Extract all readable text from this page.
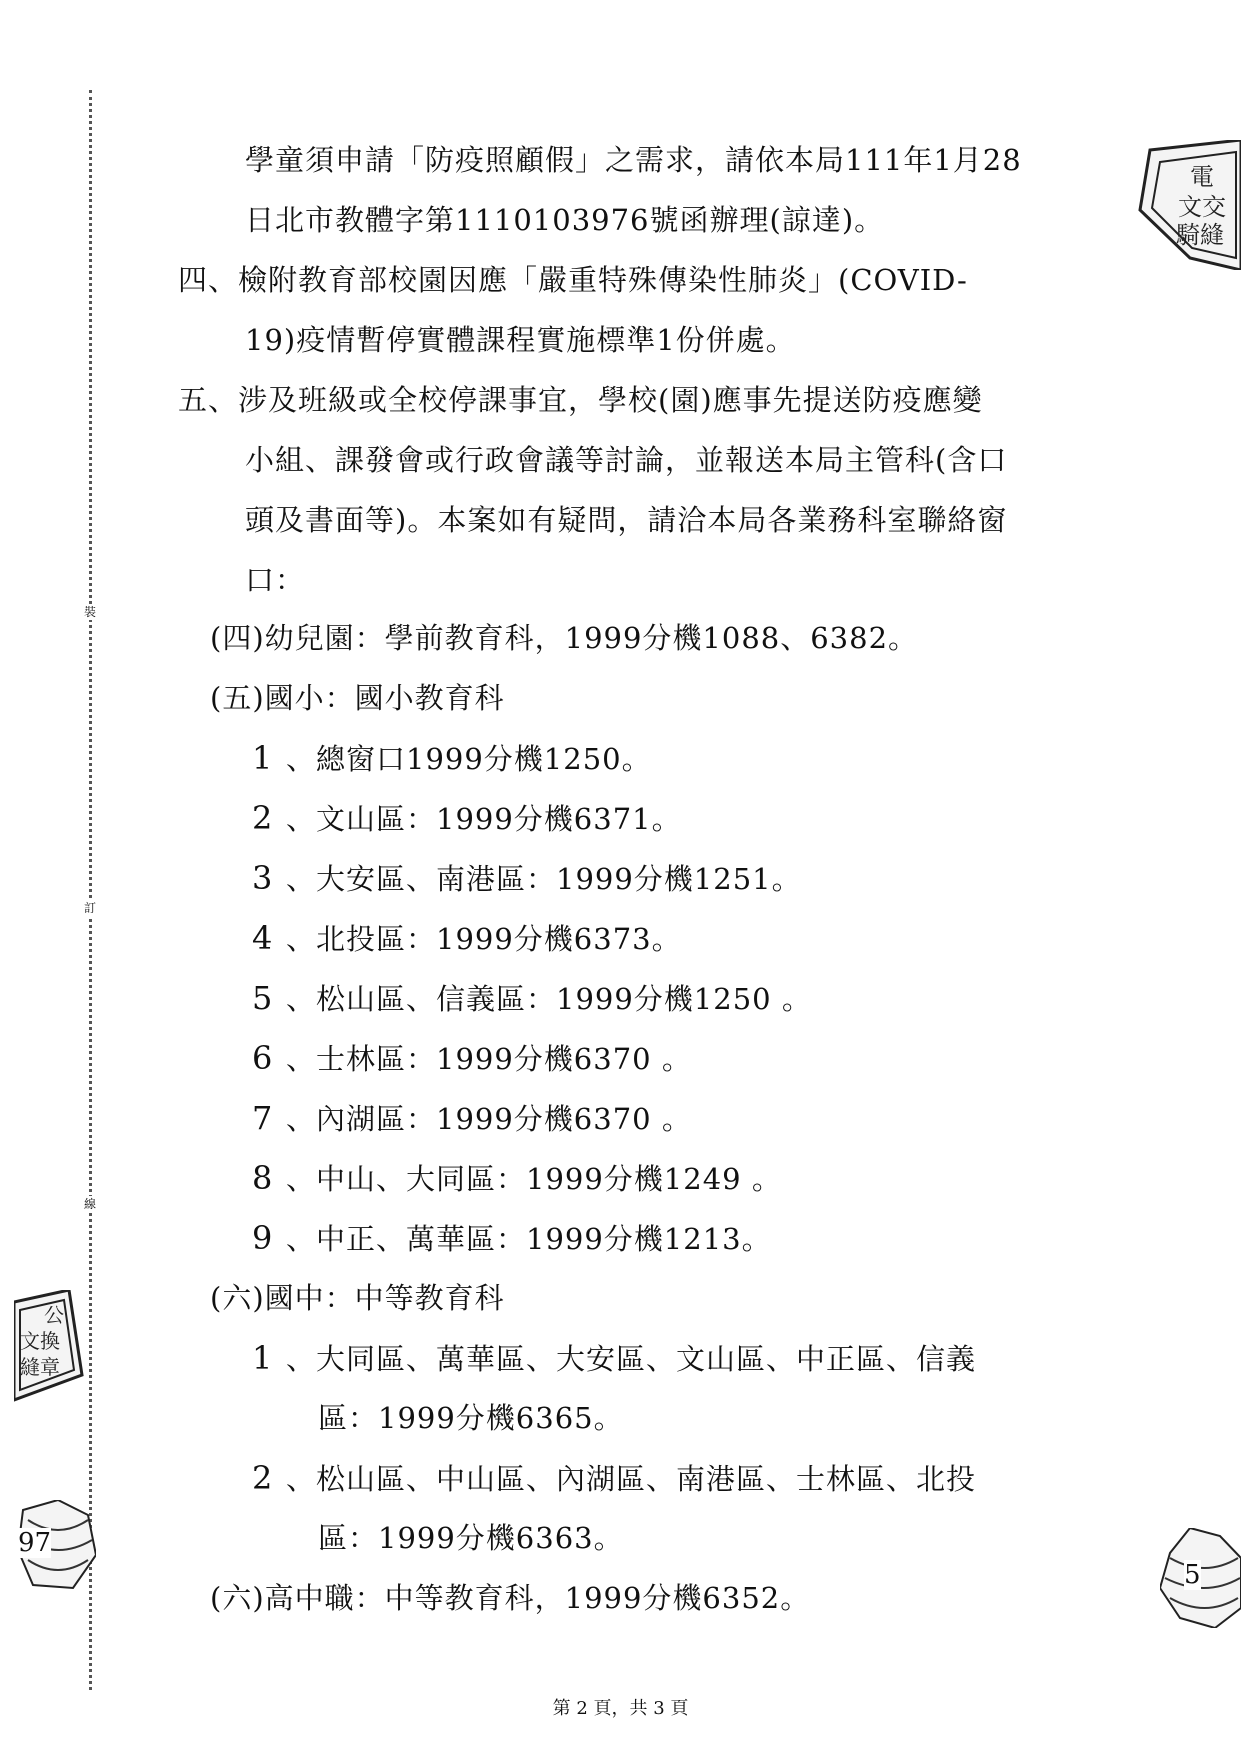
裝
訂
線
電
文交
騎縫
公
文換
縫章
97
5
學童須申請「防疫照顧假」之需求，請依本局111年1月28
日北市教體字第1110103976號函辦理(諒達)。
四、檢附教育部校園因應「嚴重特殊傳染性肺炎」(COVID-
19)疫情暫停實體課程實施標準1份併處。
五、涉及班級或全校停課事宜，學校(園)應事先提送防疫應變
小組、課發會或行政會議等討論，並報送本局主管科(含口
頭及書面等)。本案如有疑問，請洽本局各業務科室聯絡窗
口：
(四)幼兒園：學前教育科，1999分機1088、6382。
(五)國小：國小教育科
1 、總窗口1999分機1250。
2 、文山區：1999分機6371。
3 、大安區、南港區：1999分機1251。
4 、北投區：1999分機6373。
5 、松山區、信義區：1999分機1250 。
6 、士林區：1999分機6370 。
7 、內湖區：1999分機6370 。
8 、中山、大同區：1999分機1249 。
9 、中正、萬華區：1999分機1213。
(六)國中：中等教育科
1 、大同區、萬華區、大安區、文山區、中正區、信義
區：1999分機6365。
2 、松山區、中山區、內湖區、南港區、士林區、北投
區：1999分機6363。
(六)高中職：中等教育科，1999分機6352。
第 2 頁，共 3 頁
